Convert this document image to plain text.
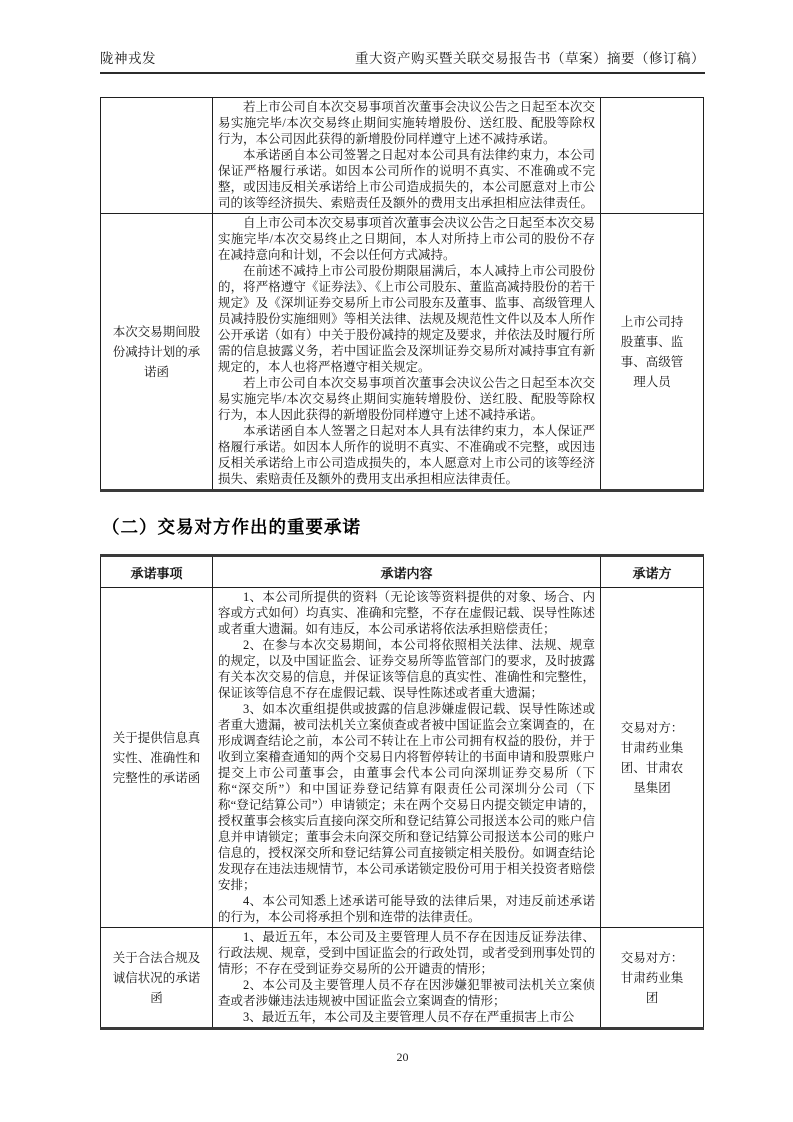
陇神戎发	重大资产购买暨关联交易报告书（草案）摘要（修订稿）

	若上市公司自本次交易事项首次董事会决议公告之日起至本次交易实施完毕/本次交易终止期间实施转增股份、送红股、配股等除权行为，本公司因此获得的新增股份同样遵守上述不减持承诺。

本承诺函自本公司签署之日起对本公司具有法律约束力，本公司保证严格履行承诺。如因本公司所作的说明不真实、不准确或不完整，或因违反相关承诺给上市公司造成损失的，本公司愿意对上市公司的该等经济损失、索赔责任及额外的费用支出承担相应法律责任。	

本次交易期间股份减持计划的承诺函	自上市公司本次交易事项首次董事会决议公告之日起至本次交易实施完毕/本次交易终止之日期间，本人对所持上市公司的股份不存在减持意向和计划，不会以任何方式减持。

在前述不减持上市公司股份期限届满后，本人减持上市公司股份的，将严格遵守《证券法》、《上市公司股东、董监高减持股份的若干规定》及《深圳证券交易所上市公司股东及董事、监事、高级管理人员减持股份实施细则》等相关法律、法规及规范性文件以及本人所作公开承诺（如有）中关于股份减持的规定及要求，并依法及时履行所需的信息披露义务，若中国证监会及深圳证券交易所对减持事宜有新规定的，本人也将严格遵守相关规定。

若上市公司自本次交易事项首次董事会决议公告之日起至本次交易实施完毕/本次交易终止期间实施转增股份、送红股、配股等除权行为，本人因此获得的新增股份同样遵守上述不减持承诺。

本承诺函自本人签署之日起对本人具有法律约束力，本人保证严格履行承诺。如因本人所作的说明不真实、不准确或不完整，或因违反相关承诺给上市公司造成损失的，本人愿意对上市公司的该等经济损失、索赔责任及额外的费用支出承担相应法律责任。	上市公司持股董事、监事、高级管理人员
（二）交易对方作出的重要承诺
承诺事项	承诺内容	承诺方
关于提供信息真实性、准确性和完整性的承诺函	1、本公司所提供的资料（无论该等资料提供的对象、场合、内容或方式如何）均真实、准确和完整，不存在虚假记载、误导性陈述或者重大遗漏。如有违反，本公司承诺将依法承担赔偿责任；

2、在参与本次交易期间，本公司将依照相关法律、法规、规章的规定，以及中国证监会、证券交易所等监管部门的要求，及时披露有关本次交易的信息，并保证该等信息的真实性、准确性和完整性，保证该等信息不存在虚假记载、误导性陈述或者重大遗漏；

3、如本次重组提供或披露的信息涉嫌虚假记载、误导性陈述或者重大遗漏，被司法机关立案侦查或者被中国证监会立案调查的，在形成调查结论之前，本公司不转让在上市公司拥有权益的股份，并于收到立案稽查通知的两个交易日内将暂停转让的书面申请和股票账户提交上市公司董事会，由董事会代本公司向深圳证券交易所（下称“深交所”）和中国证券登记结算有限责任公司深圳分公司（下称“登记结算公司”）申请锁定；未在两个交易日内提交锁定申请的，授权董事会核实后直接向深交所和登记结算公司报送本公司的账户信息并申请锁定；董事会未向深交所和登记结算公司报送本公司的账户信息的，授权深交所和登记结算公司直接锁定相关股份。如调查结论发现存在违法违规情节，本公司承诺锁定股份可用于相关投资者赔偿安排；

4、本公司知悉上述承诺可能导致的法律后果，对违反前述承诺的行为，本公司将承担个别和连带的法律责任。	交易对方：甘肃药业集团、甘肃农垦集团
关于合法合规及诚信状况的承诺函	1、最近五年，本公司及主要管理人员不存在因违反证券法律、行政法规、规章，受到中国证监会的行政处罚，或者受到刑事处罚的情形；不存在受到证券交易所的公开谴责的情形；

2、本公司及主要管理人员不存在因涉嫌犯罪被司法机关立案侦查或者涉嫌违法违规被中国证监会立案调查的情形；

3、最近五年，本公司及主要管理人员不存在严重损害上市公	交易对方：甘肃药业集团
20
